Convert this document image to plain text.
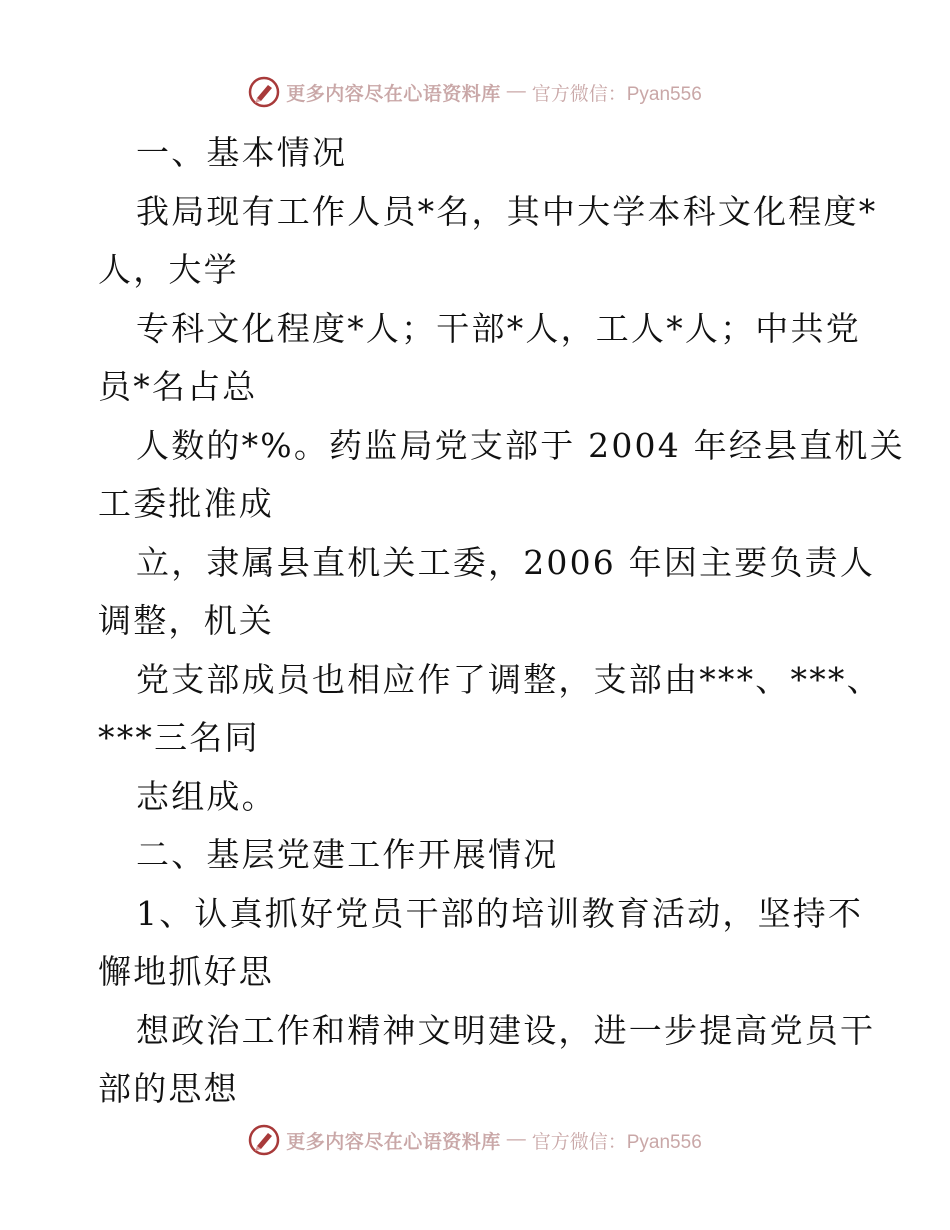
更多内容尽在心语资料库 — 官方微信：Pyan556
一、基本情况
我局现有工作人员*名，其中大学本科文化程度*
人，大学
专科文化程度*人；干部*人，工人*人；中共党
员*名占总
人数的*%。药监局党支部于 2004 年经县直机关
工委批准成
立，隶属县直机关工委，2006 年因主要负责人
调整，机关
党支部成员也相应作了调整，支部由***、***、
***三名同
志组成。
二、基层党建工作开展情况
1、认真抓好党员干部的培训教育活动，坚持不
懈地抓好思
想政治工作和精神文明建设，进一步提高党员干
部的思想
更多内容尽在心语资料库 — 官方微信：Pyan556
